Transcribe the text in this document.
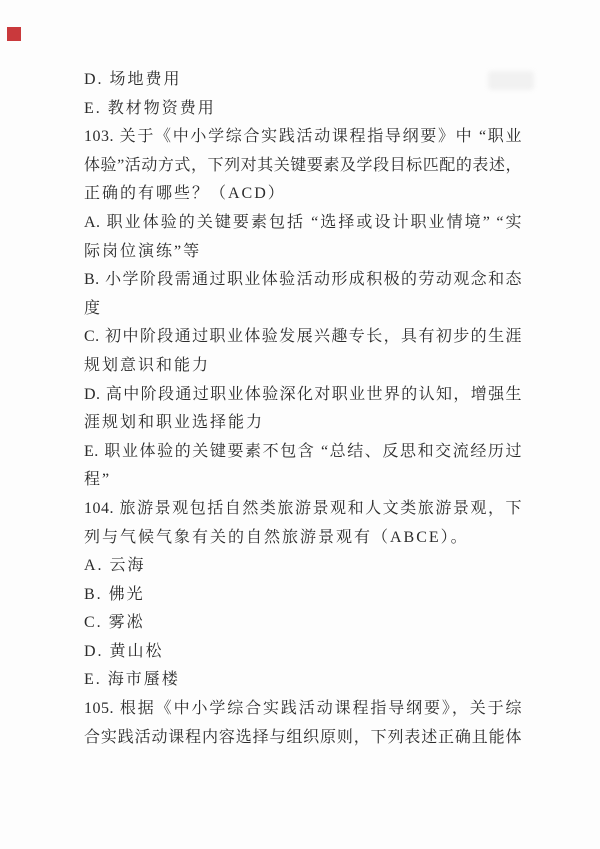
D. 场地费用
E. 教材物资费用
103. 关于《中小学综合实践活动课程指导纲要》中 “职业
体验”活动方式，下列对其关键要素及学段目标匹配的表述，
正确的有哪些？（ACD）
A. 职业体验的关键要素包括 “选择或设计职业情境” “实
际岗位演练”等
B. 小学阶段需通过职业体验活动形成积极的劳动观念和态
度
C. 初中阶段通过职业体验发展兴趣专长，具有初步的生涯
规划意识和能力
D. 高中阶段通过职业体验深化对职业世界的认知，增强生
涯规划和职业选择能力
E. 职业体验的关键要素不包含 “总结、反思和交流经历过
程”
104. 旅游景观包括自然类旅游景观和人文类旅游景观，下
列与气候气象有关的自然旅游景观有（ABCE）。
A. 云海
B. 佛光
C. 雾凇
D. 黄山松
E. 海市蜃楼
105. 根据《中小学综合实践活动课程指导纲要》，关于综
合实践活动课程内容选择与组织原则，下列表述正确且能体
